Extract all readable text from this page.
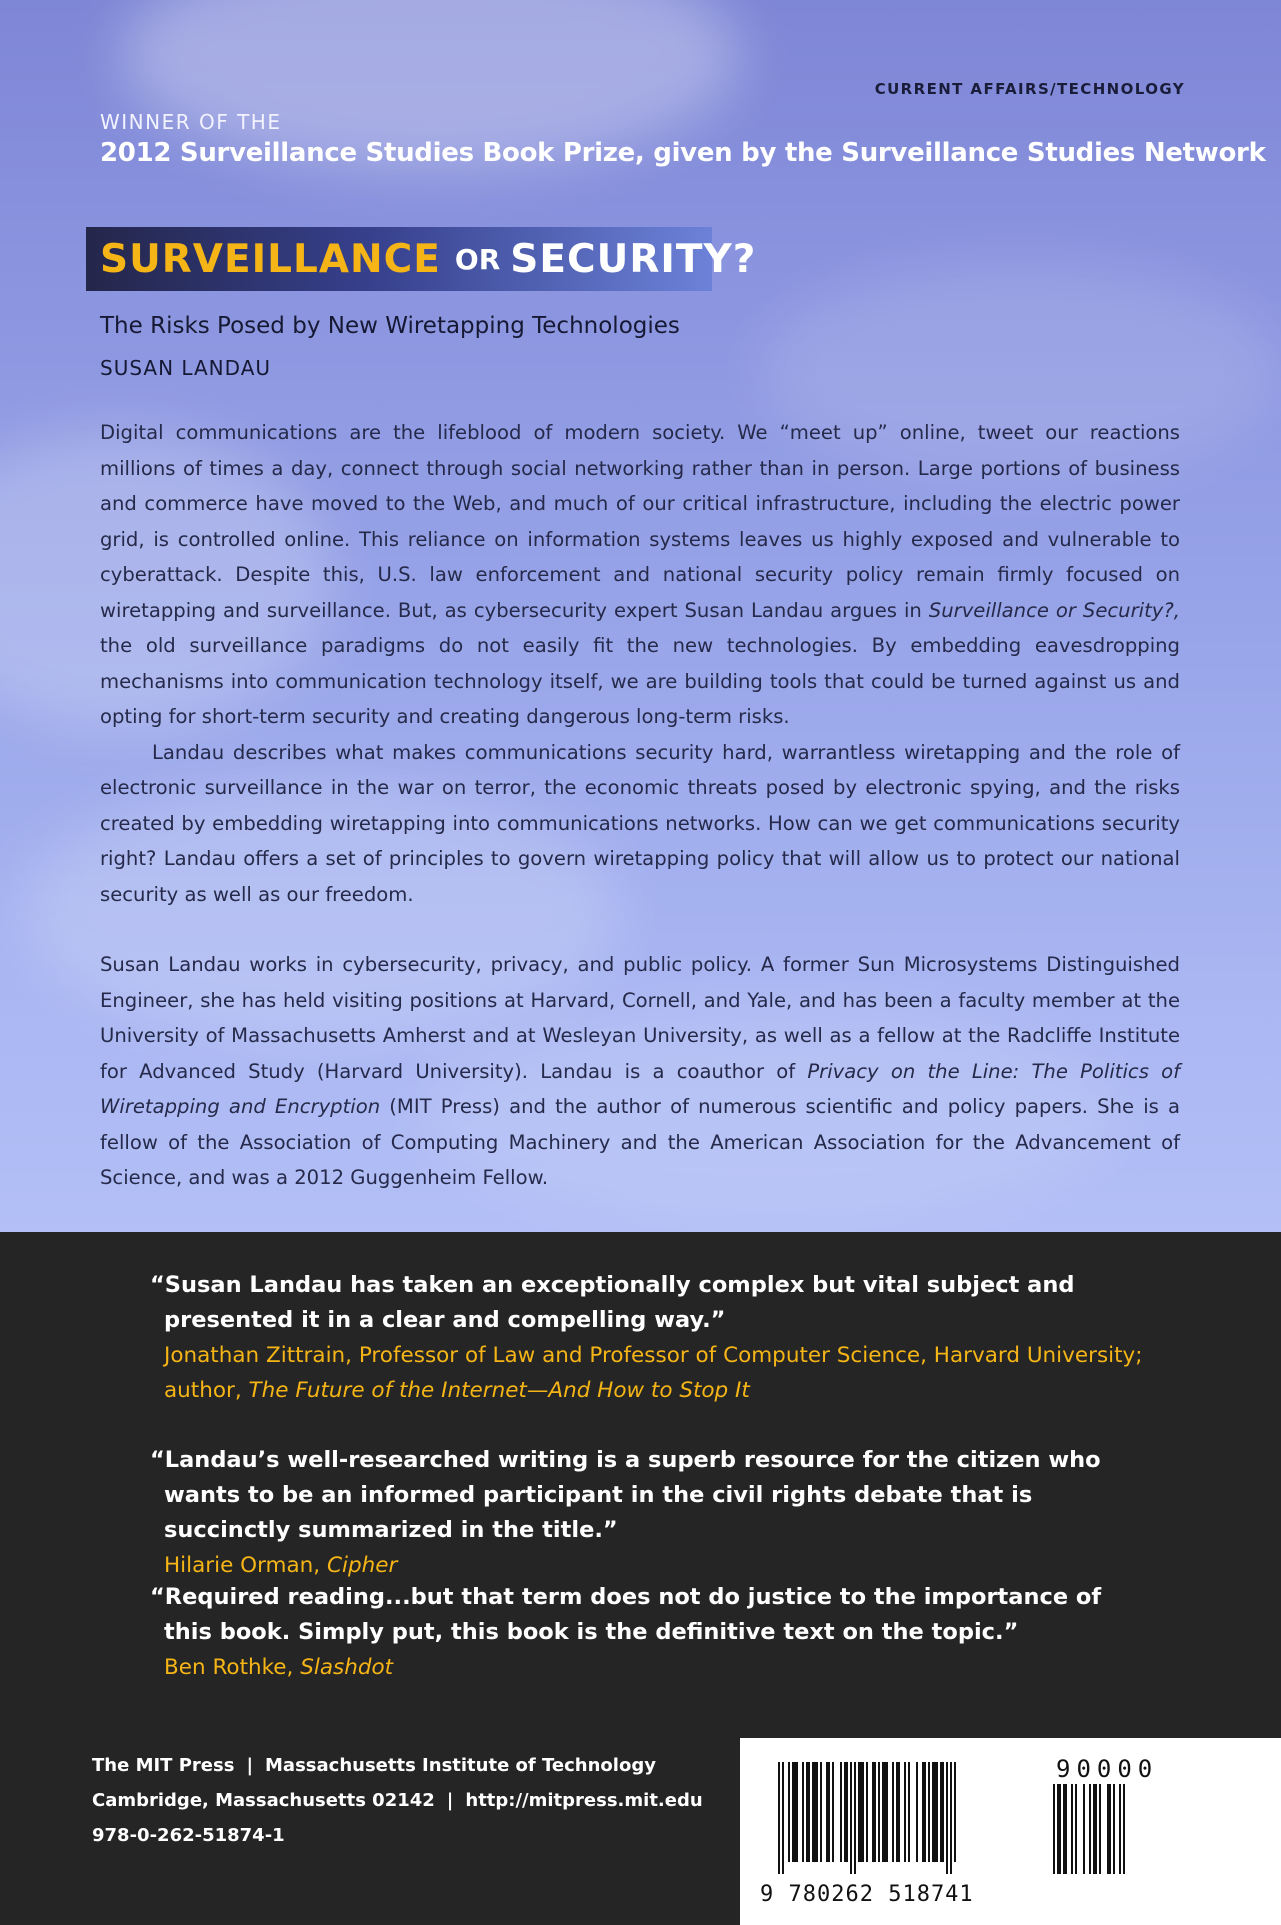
CURRENT AFFAIRS/TECHNOLOGY
WINNER OF THE
2012 Surveillance Studies Book Prize, given by the Surveillance Studies Network
SURVEILLANCE OR SECURITY?
The Risks Posed by New Wiretapping Technologies
SUSAN LANDAU

Digital communications are the lifeblood of modern society. We “meet up” online, tweet our reactions millions of times a day, connect through social networking rather than in person. Large portions of business and commerce have moved to the Web, and much of our critical infrastructure, including the electric power grid, is controlled online. This reliance on information systems leaves us highly exposed and vulnerable to cyberattack. Despite this, U.S. law enforcement and national security policy remain firmly focused on wiretapping and surveillance. But, as cybersecurity expert Susan Landau argues in Surveillance or Security?, the old surveillance paradigms do not easily fit the new technologies. By embedding eavesdropping mechanisms into communication technology itself, we are building tools that could be turned against us and opting for short-term security and creating dangerous long-term risks.

Landau describes what makes communications security hard, warrantless wiretapping and the role of electronic surveillance in the war on terror, the economic threats posed by electronic spying, and the risks created by embedding wiretapping into communications networks. How can we get communications security right? Landau offers a set of principles to govern wiretapping policy that will allow us to protect our national security as well as our freedom.

Susan Landau works in cybersecurity, privacy, and public policy. A former Sun Microsystems Distinguished Engineer, she has held visiting positions at Harvard, Cornell, and Yale, and has been a faculty member at the University of Massachusetts Amherst and at Wesleyan University, as well as a fellow at the Radcliffe Institute for Advanced Study (Harvard University). Landau is a coauthor of Privacy on the Line: The Politics of Wiretapping and Encryption (MIT Press) and the author of numerous scientific and policy papers. She is a fellow of the Association of Computing Machinery and the American Association for the Advancement of Science, and was a 2012 Guggenheim Fellow.

“Susan Landau has taken an exceptionally complex but vital subject and presented it in a clear and compelling way.”
Jonathan Zittrain, Professor of Law and Professor of Computer Science, Harvard University; author, The Future of the Internet—And How to Stop It
“Landau’s well-researched writing is a superb resource for the citizen who wants to be an informed participant in the civil rights debate that is succinctly summarized in the title.”
Hilarie Orman, Cipher
“Required reading...but that term does not do justice to the importance of this book. Simply put, this book is the definitive text on the topic.”
Ben Rothke, Slashdot
The MIT Press | Massachusetts Institute of Technology
Cambridge, Massachusetts 02142 | http://mitpress.mit.edu
978-0-262-51874-1
9 780262 518741
90000
